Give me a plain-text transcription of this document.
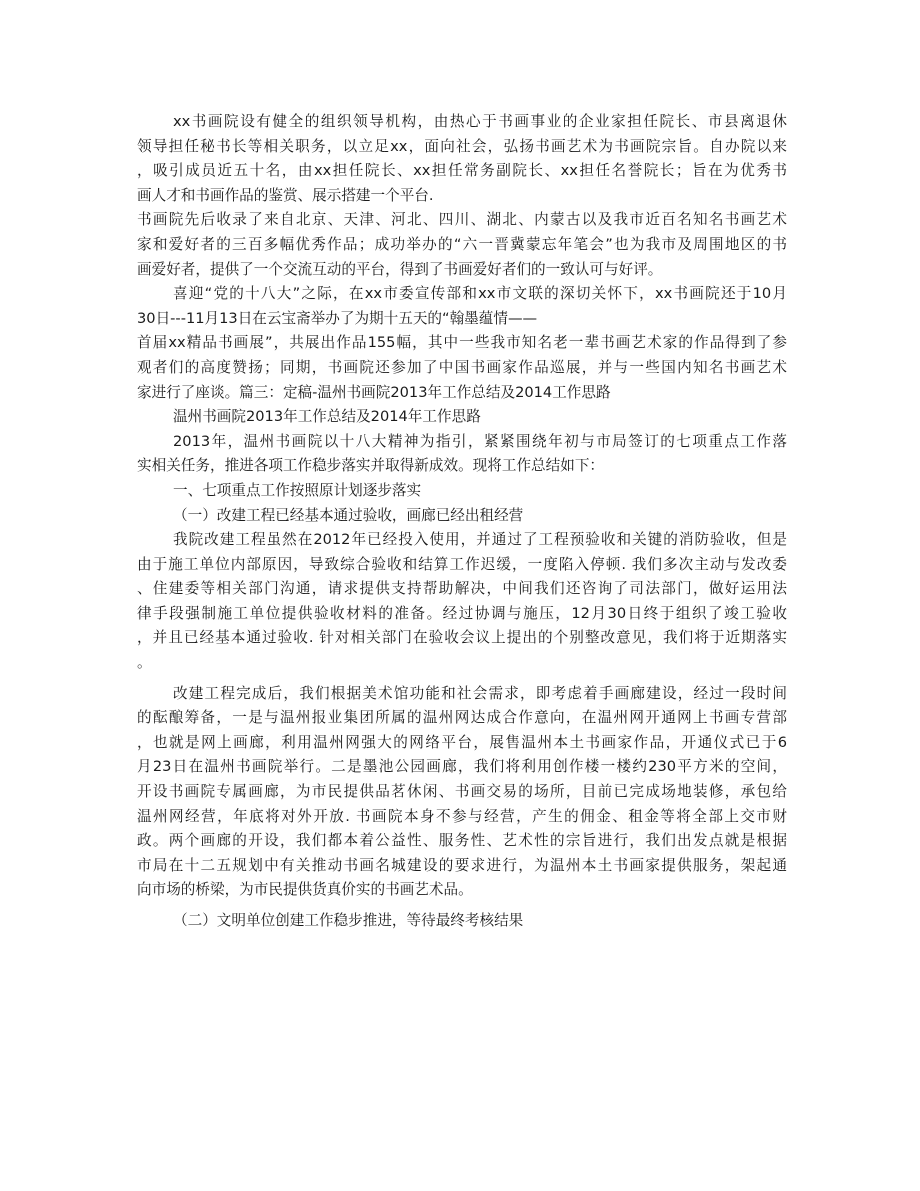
xx书画院设有健全的组织领导机构，由热心于书画事业的企业家担任院长、市县离退休
领导担任秘书长等相关职务，以立足xx，面向社会，弘扬书画艺术为书画院宗旨。自办院以来
，吸引成员近五十名，由xx担任院长、xx担任常务副院长、xx担任名誉院长；旨在为优秀书
画人才和书画作品的鉴赏、展示搭建一个平台.
书画院先后收录了来自北京、天津、河北、四川、湖北、内蒙古以及我市近百名知名书画艺术
家和爱好者的三百多幅优秀作品；成功举办的“六一晋冀蒙忘年笔会”也为我市及周围地区的书
画爱好者，提供了一个交流互动的平台，得到了书画爱好者们的一致认可与好评。
喜迎“党的十八大”之际，在xx市委宣传部和xx市文联的深切关怀下，xx书画院还于10月
30日---11月13日在云宝斋举办了为期十五天的“翰墨蕴情——
首届xx精品书画展”，共展出作品155幅，其中一些我市知名老一辈书画艺术家的作品得到了参
观者们的高度赞扬；同期，书画院还参加了中国书画家作品巡展，并与一些国内知名书画艺术
家进行了座谈。篇三：定稿-温州书画院2013年工作总结及2014工作思路
温州书画院2013年工作总结及2014年工作思路
2013年，温州书画院以十八大精神为指引，紧紧围绕年初与市局签订的七项重点工作落
实相关任务，推进各项工作稳步落实并取得新成效。现将工作总结如下：
一、七项重点工作按照原计划逐步落实
（一）改建工程已经基本通过验收，画廊已经出租经营
我院改建工程虽然在2012年已经投入使用，并通过了工程预验收和关键的消防验收，但是
由于施工单位内部原因，导致综合验收和结算工作迟缓，一度陷入停顿. 我们多次主动与发改委
、住建委等相关部门沟通，请求提供支持帮助解决，中间我们还咨询了司法部门，做好运用法
律手段强制施工单位提供验收材料的准备。经过协调与施压，12月30日终于组织了竣工验收
，并且已经基本通过验收. 针对相关部门在验收会议上提出的个别整改意见，我们将于近期落实
。
改建工程完成后，我们根据美术馆功能和社会需求，即考虑着手画廊建设，经过一段时间
的酝酿筹备，一是与温州报业集团所属的温州网达成合作意向，在温州网开通网上书画专营部
，也就是网上画廊，利用温州网强大的网络平台，展售温州本土书画家作品，开通仪式已于6
月23日在温州书画院举行。二是墨池公园画廊，我们将利用创作楼一楼约230平方米的空间，
开设书画院专属画廊，为市民提供品茗休闲、书画交易的场所，目前已完成场地装修，承包给
温州网经营，年底将对外开放. 书画院本身不参与经营，产生的佣金、租金等将全部上交市财
政。两个画廊的开设，我们都本着公益性、服务性、艺术性的宗旨进行，我们出发点就是根据
市局在十二五规划中有关推动书画名城建设的要求进行，为温州本土书画家提供服务，架起通
向市场的桥梁，为市民提供货真价实的书画艺术品。
（二）文明单位创建工作稳步推进，等待最终考核结果
